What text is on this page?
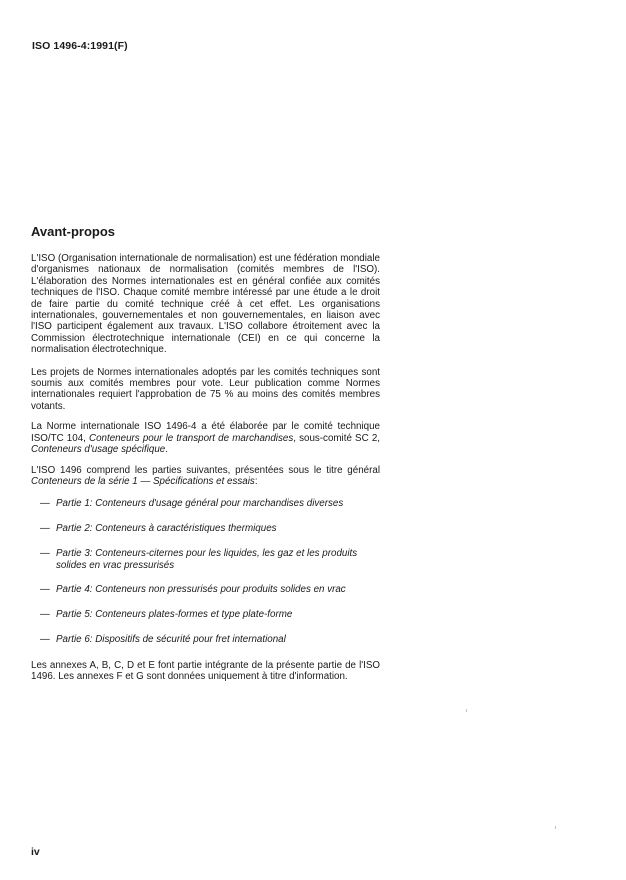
ISO 1496-4:1991(F)
Avant-propos

L'ISO (Organisation internationale de normalisation) est une fédération mondiale d'organismes nationaux de normalisation (comités membres de l'ISO). L'élaboration des Normes internationales est en général confiée aux comités techniques de l'ISO. Chaque comité membre intéressé par une étude a le droit de faire partie du comité technique créé à cet effet. Les organisations internationales, gouvernementales et non gouvernementales, en liaison avec l'ISO participent également aux travaux. L'ISO collabore étroitement avec la Commission électrotechnique internationale (CEI) en ce qui concerne la normalisation électrotechnique.

Les projets de Normes internationales adoptés par les comités techniques sont soumis aux comités membres pour vote. Leur publication comme Normes internationales requiert l'approbation de 75 % au moins des comités membres votants.

La Norme internationale ISO 1496-4 a été élaborée par le comité technique ISO/TC 104, Conteneurs pour le transport de marchandises, sous-comité SC 2, Conteneurs d'usage spécifique.

L'ISO 1496 comprend les parties suivantes, présentées sous le titre général Conteneurs de la série 1 — Spécifications et essais:

— Partie 1: Conteneurs d'usage général pour marchandises diverses
— Partie 2: Conteneurs à caractéristiques thermiques
— Partie 3: Conteneurs-citernes pour les liquides, les gaz et les produits solides en vrac pressurisés
— Partie 4: Conteneurs non pressurisés pour produits solides en vrac
— Partie 5: Conteneurs plates-formes et type plate-forme
— Partie 6: Dispositifs de sécurité pour fret international

Les annexes A, B, C, D et E font partie intégrante de la présente partie de l'ISO 1496. Les annexes F et G sont données uniquement à titre d'information.

iv
